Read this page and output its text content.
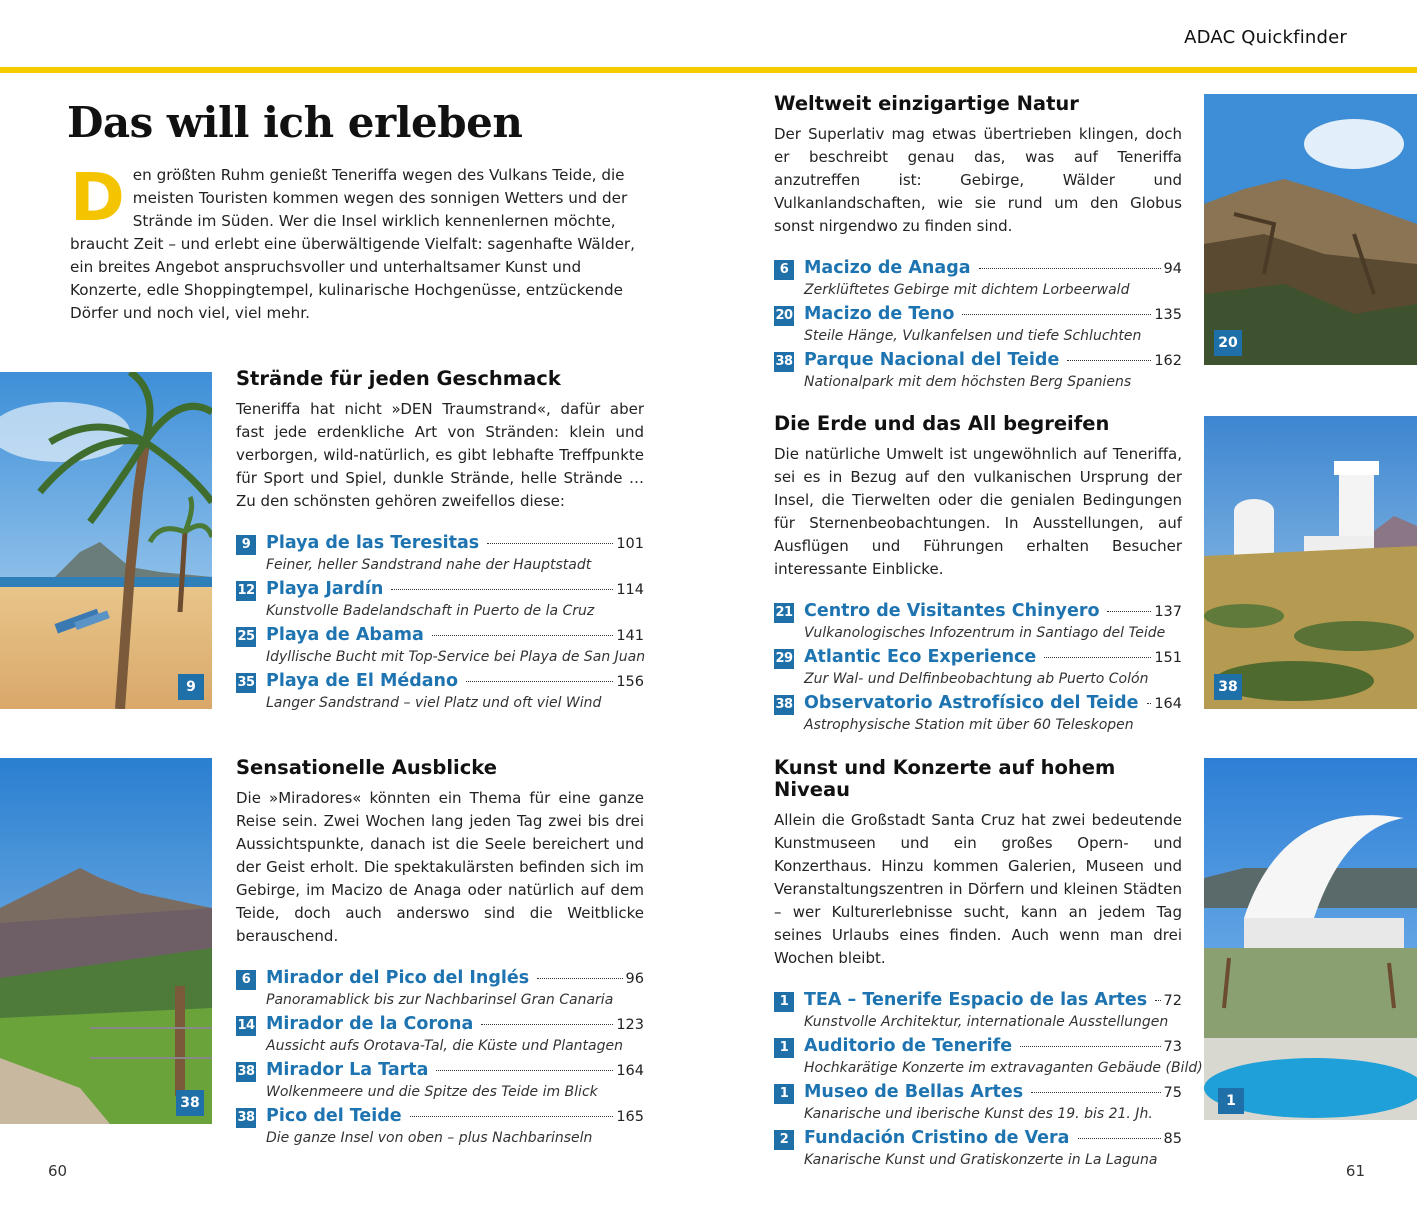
ADAC Quickfinder
Das will ich erleben
Den größten Ruhm genießt Teneriffa wegen des Vulkans Teide, die meisten Touristen kommen wegen des sonnigen Wetters und der Strände im Süden. Wer die Insel wirklich kennenlernen möchte, braucht Zeit – und erlebt eine überwältigende Vielfalt: sagenhafte Wälder, ein breites Angebot anspruchsvoller und unterhaltsamer Kunst und Konzerte, edle Shoppingtempel, kulinarische Hochgenüsse, entzückende Dörfer und noch viel, viel mehr.
9
38
20
38
1
Strände für jeden Geschmack

Teneriffa hat nicht »DEN Traumstrand«, dafür aber fast jede erdenkliche Art von Stränden: klein und verborgen, wild-natürlich, es gibt lebhafte Treffpunkte für Sport und Spiel, dunkle Strände, helle Strände … Zu den schönsten gehören zweifellos diese:

9 Playa de las Teresitas	101
Feiner, heller Sandstrand nahe der Hauptstadt
12 Playa Jardín	114
Kunstvolle Badelandschaft in Puerto de la Cruz
25 Playa de Abama	141
Idyllische Bucht mit Top-Service bei Playa de San Juan
35 Playa de El Médano	156
Langer Sandstrand – viel Platz und oft viel Wind
Sensationelle Ausblicke

Die »Miradores« könnten ein Thema für eine ganze Reise sein. Zwei Wochen lang jeden Tag zwei bis drei Aussichtspunkte, danach ist die Seele bereichert und der Geist erholt. Die spektakulärsten befinden sich im Gebirge, im Macizo de Anaga oder natürlich auf dem Teide, doch auch anderswo sind die Weitblicke berauschend.

6 Mirador del Pico del Inglés	96
Panoramablick bis zur Nachbarinsel Gran Canaria
14 Mirador de la Corona	123
Aussicht aufs Orotava-Tal, die Küste und Plantagen
38 Mirador La Tarta	164
Wolkenmeere und die Spitze des Teide im Blick
38 Pico del Teide	165
Die ganze Insel von oben – plus Nachbarinseln
Weltweit einzigartige Natur

Der Superlativ mag etwas übertrieben klingen, doch er beschreibt genau das, was auf Teneriffa anzutreffen ist: Gebirge, Wälder und Vulkanlandschaften, wie sie rund um den Globus sonst nirgendwo zu finden sind.

6 Macizo de Anaga	94
Zerklüftetes Gebirge mit dichtem Lorbeerwald
20 Macizo de Teno	135
Steile Hänge, Vulkanfelsen und tiefe Schluchten
38 Parque Nacional del Teide	162
Nationalpark mit dem höchsten Berg Spaniens
Die Erde und das All begreifen

Die natürliche Umwelt ist ungewöhnlich auf Teneriffa, sei es in Bezug auf den vulkanischen Ursprung der Insel, die Tierwelten oder die genialen Bedingungen für Sternenbeobachtungen. In Ausstellungen, auf Ausflügen und Führungen erhalten Besucher interessante Einblicke.

21 Centro de Visitantes Chinyero	137
Vulkanologisches Infozentrum in Santiago del Teide
29 Atlantic Eco Experience	151
Zur Wal- und Delfinbeobachtung ab Puerto Colón
38 Observatorio Astrofísico del Teide 164
Astrophysische Station mit über 60 Teleskopen
Kunst und Konzerte auf hohem Niveau

Allein die Großstadt Santa Cruz hat zwei bedeutende Kunstmuseen und ein großes Opern- und Konzerthaus. Hinzu kommen Galerien, Museen und Veranstaltungszentren in Dörfern und kleinen Städten – wer Kulturerlebnisse sucht, kann an jedem Tag seines Urlaubs eines finden. Auch wenn man drei Wochen bleibt.

1 TEA – Tenerife Espacio de las Artes 72
Kunstvolle Architektur, internationale Ausstellungen
1 Auditorio de Tenerife	73
Hochkarätige Konzerte im extravaganten Gebäude (Bild)
1 Museo de Bellas Artes	75
Kanarische und iberische Kunst des 19. bis 21. Jh.
2 Fundación Cristino de Vera	85
Kanarische Kunst und Gratiskonzerte in La Laguna
60	61
